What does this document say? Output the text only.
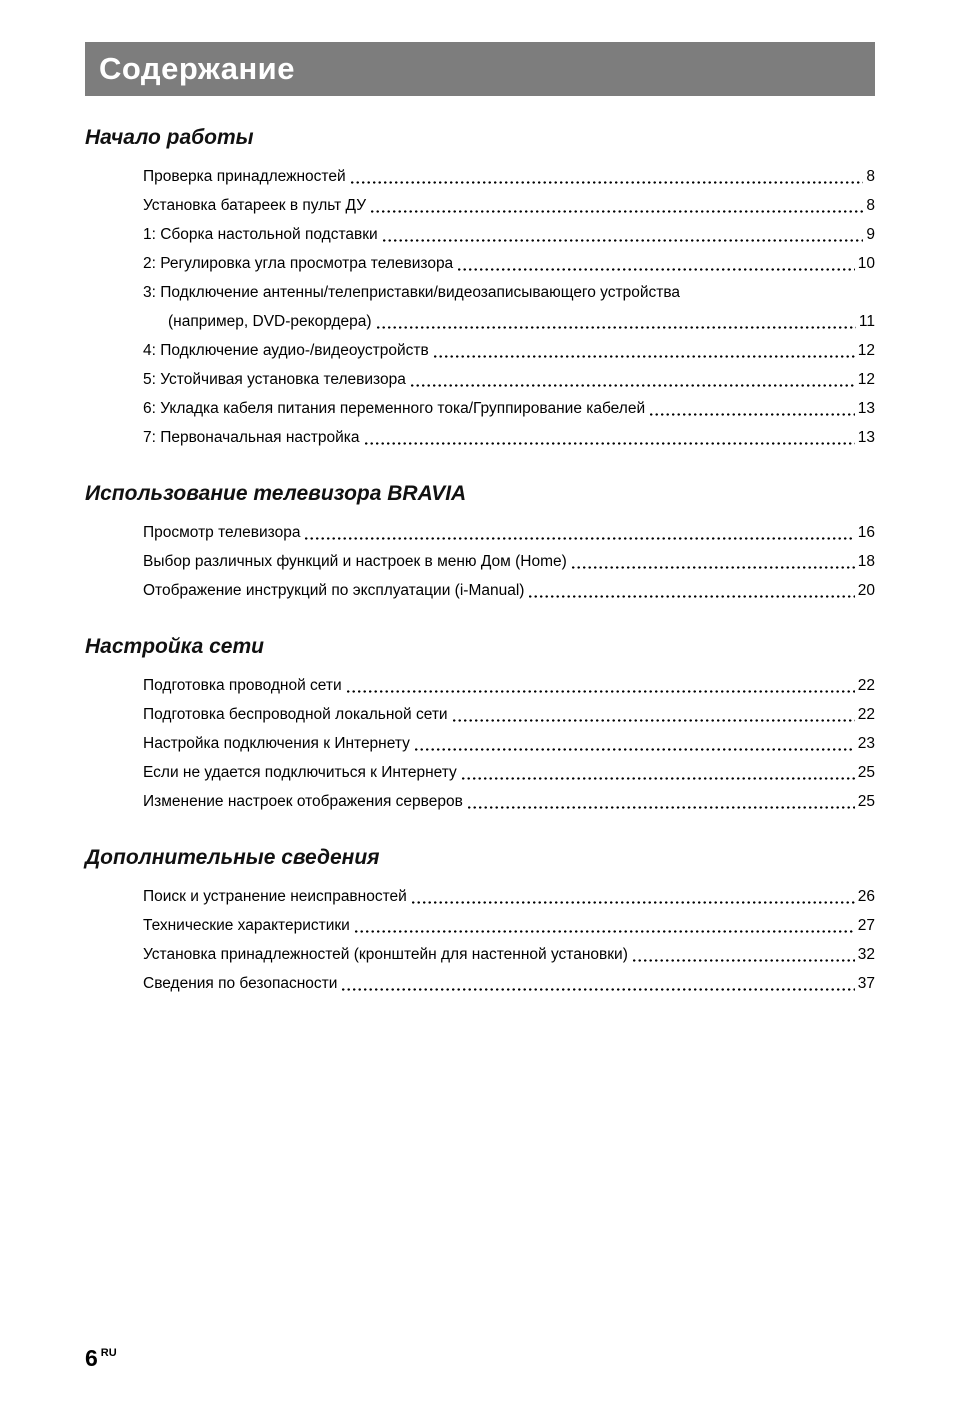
Содержание
Начало работы
Проверка принадлежностей	8
Установка батареек в пульт ДУ	8
1: Сборка настольной подставки	9
2: Регулировка угла просмотра телевизора	10
3: Подключение антенны/телеприставки/видеозаписывающего устройства
(например, DVD-рекордера)	11
4: Подключение аудио-/видеоустройств	12
5: Устойчивая установка телевизора	12
6: Укладка кабеля питания переменного тока/Группирование кабелей	13
7: Первоначальная настройка	13
Использование телевизора BRAVIA
Просмотр телевизора	16
Выбор различных функций и настроек в меню Дом (Home)	18
Отображение инструкций по эксплуатации (i-Manual)	20
Настройка сети
Подготовка проводной сети	22
Подготовка беспроводной локальной сети	22
Настройка подключения к Интернету	23
Если не удается подключиться к Интернету	25
Изменение настроек отображения серверов	25
Дополнительные сведения
Поиск и устранение неисправностей	26
Технические характеристики	27
Установка принадлежностей (кронштейн для настенной установки)	32
Сведения по безопасности	37
6 RU
